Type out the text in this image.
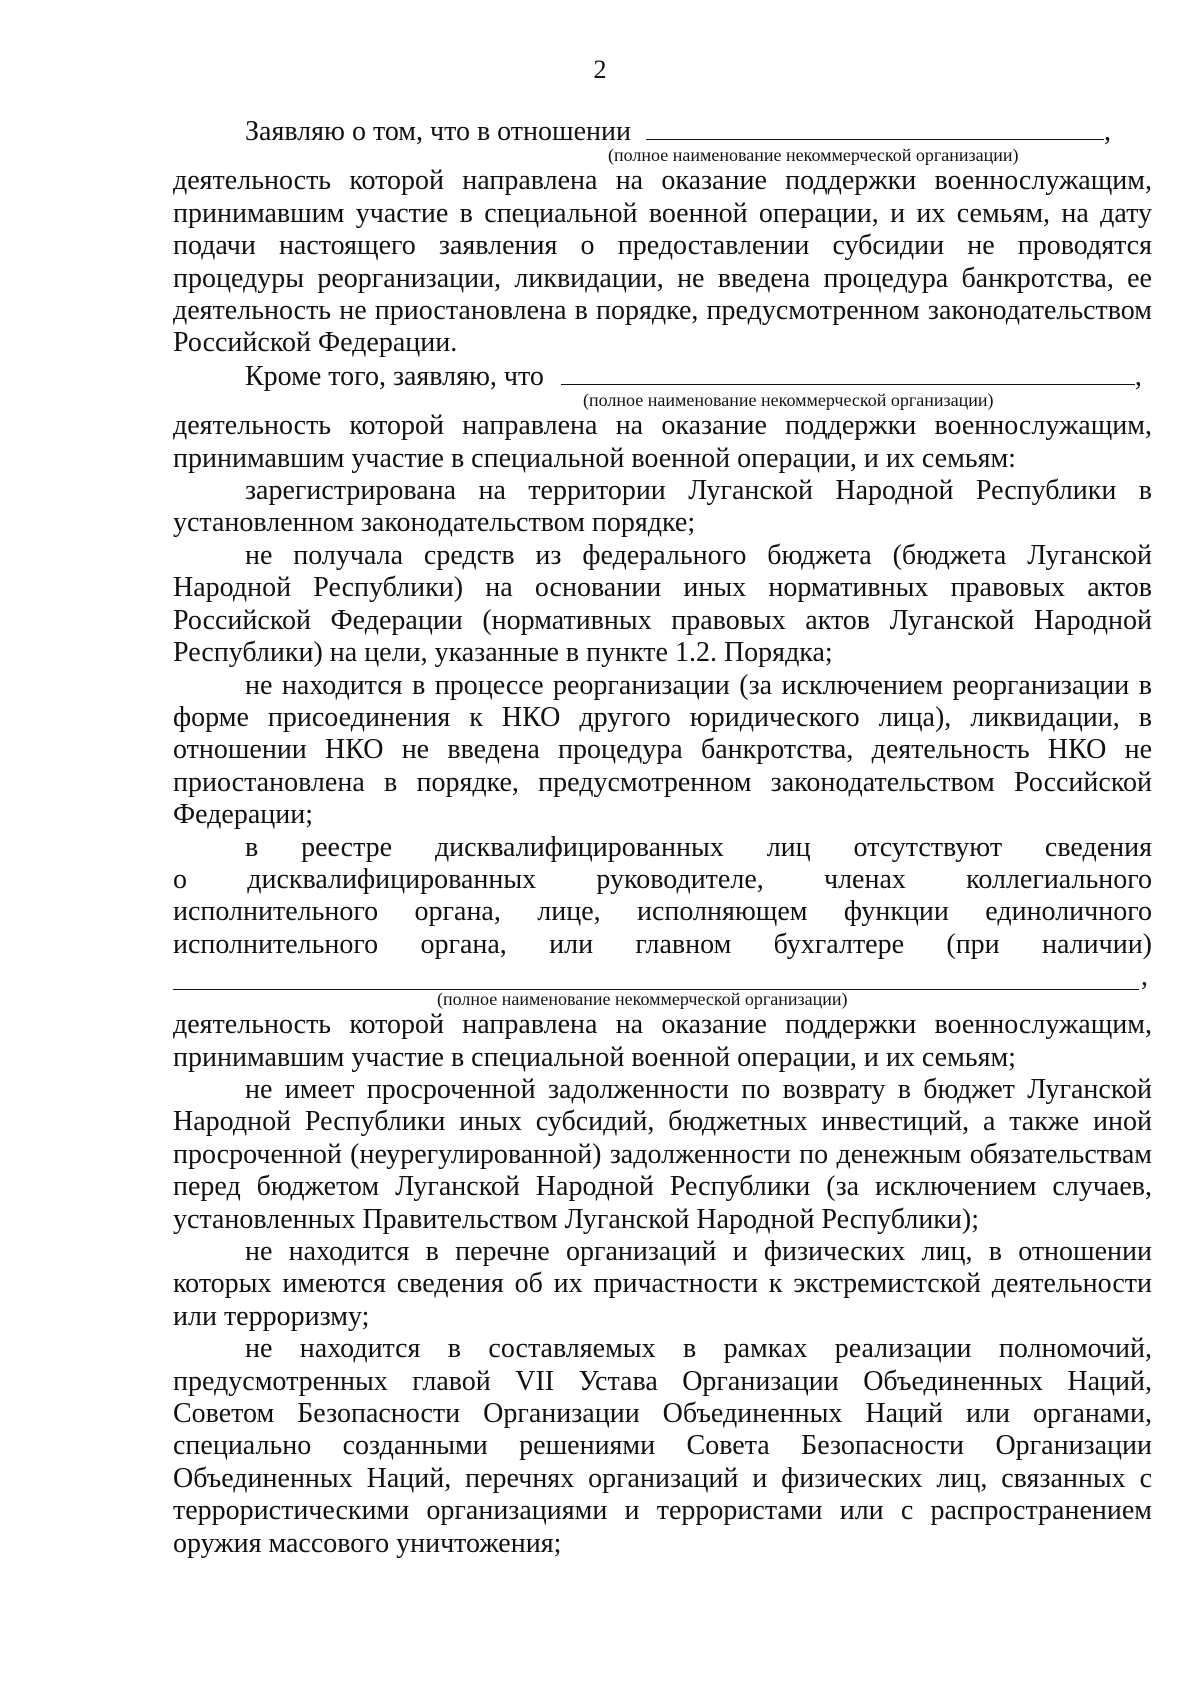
2
Заявляю о том, что в отношении	,

(полное наименование некоммерческой организации)

деятельность которой направлена на оказание поддержки военнослужащим, принимавшим участие в специальной военной операции, и их семьям, на дату подачи настоящего заявления о предоставлении субсидии не проводятся процедуры реорганизации, ликвидации, не введена процедура банкротства, ее деятельность не приостановлена в порядке, предусмотренном законодательством Российской Федерации.

Кроме того, заявляю, что	,

(полное наименование некоммерческой организации)

деятельность которой направлена на оказание поддержки военнослужащим, принимавшим участие в специальной военной операции, и их семьям:

зарегистрирована на территории Луганской Народной Республики в установленном законодательством порядке;

не получала средств из федерального бюджета (бюджета Луганской Народной Республики) на основании иных нормативных правовых актов Российской Федерации (нормативных правовых актов Луганской Народной Республики) на цели, указанные в пункте 1.2. Порядка;

не находится в процессе реорганизации (за исключением реорганизации в форме присоединения к НКО другого юридического лица), ликвидации, в отношении НКО не введена процедура банкротства, деятельность НКО не приостановлена в порядке, предусмотренном законодательством Российской Федерации;

в реестре дисквалифицированных лиц отсутствуют сведения
о дисквалифицированных руководителе, членах коллегиального
исполнительного органа, лице, исполняющем функции единоличного
исполнительного органа, или главном бухгалтере (при наличии)
,

(полное наименование некоммерческой организации)

деятельность которой направлена на оказание поддержки военнослужащим, принимавшим участие в специальной военной операции, и их семьям;

не имеет просроченной задолженности по возврату в бюджет Луганской Народной Республики иных субсидий, бюджетных инвестиций, а также иной просроченной (неурегулированной) задолженности по денежным обязательствам перед бюджетом Луганской Народной Республики (за исключением случаев, установленных Правительством Луганской Народной Республики);

не находится в перечне организаций и физических лиц, в отношении которых имеются сведения об их причастности к экстремистской деятельности или терроризму;

не находится в составляемых в рамках реализации полномочий, предусмотренных главой VII Устава Организации Объединенных Наций, Советом Безопасности Организации Объединенных Наций или органами, специально созданными решениями Совета Безопасности Организации Объединенных Наций, перечнях организаций и физических лиц, связанных с террористическими организациями и террористами или с распространением оружия массового уничтожения;
